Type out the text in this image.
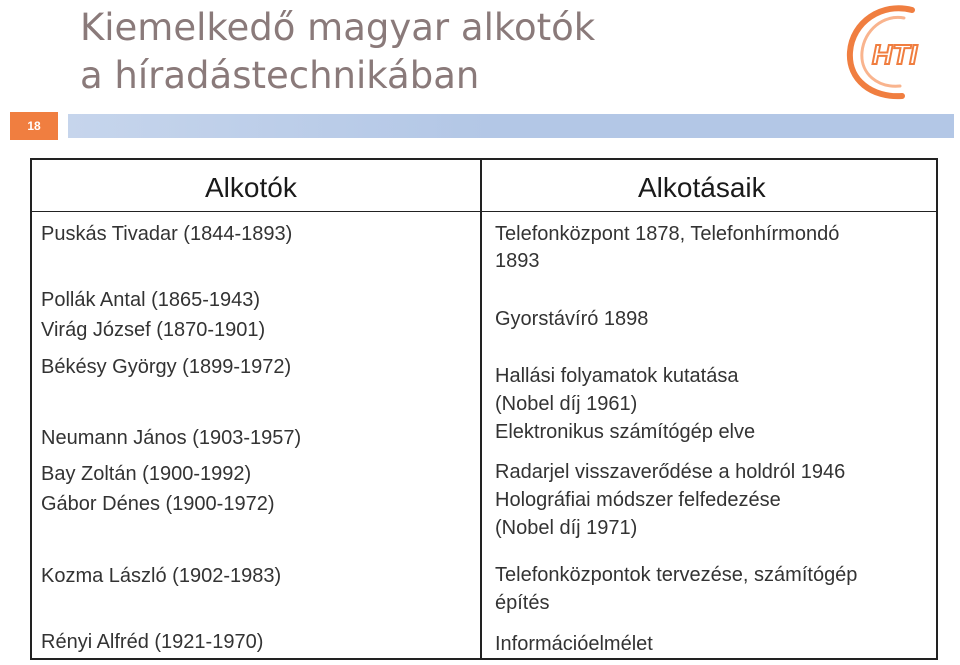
Kiemelkedő magyar alkotók
a híradástechnikában	HTI
18
Alkotók	Alkotásaik
Puskás Tivadar (1844-1893)
Pollák Antal (1865-1943)
Virág József (1870-1901)
Békésy György (1899-1972)
Neumann János (1903-1957)
Bay Zoltán (1900-1992)
Gábor Dénes (1900-1972)
Kozma László (1902-1983)
Rényi Alfréd (1921-1970)
Telefonközpont 1878, Telefonhírmondó
1893
Gyorstávíró 1898
Hallási folyamatok kutatása
(Nobel díj 1961)
Elektronikus számítógép elve
Radarjel visszaverődése a holdról 1946
Holográfiai módszer felfedezése
(Nobel díj 1971)
Telefonközpontok tervezése, számítógép
építés
Információelmélet
